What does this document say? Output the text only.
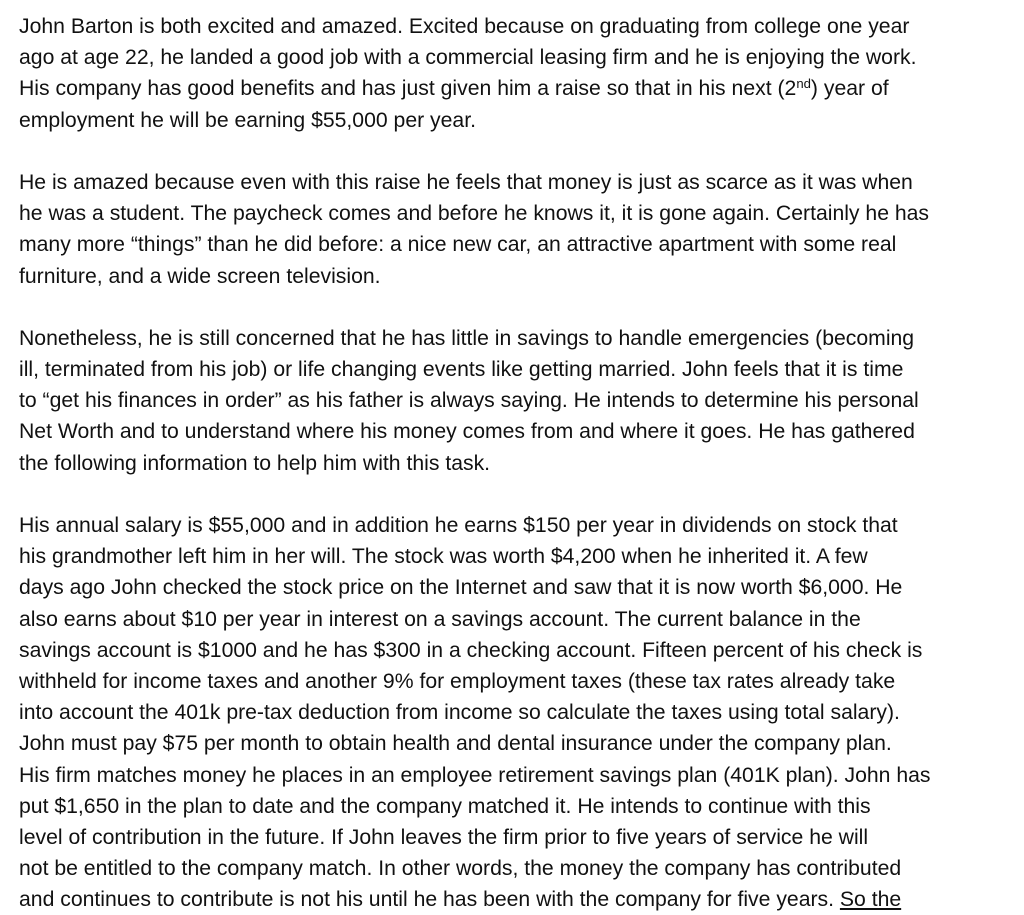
John Barton is both excited and amazed. Excited because on graduating from college one year
ago at age 22, he landed a good job with a commercial leasing firm and he is enjoying the work.
His company has good benefits and has just given him a raise so that in his next (2nd) year of
employment he will be earning $55,000 per year.
He is amazed because even with this raise he feels that money is just as scarce as it was when
he was a student. The paycheck comes and before he knows it, it is gone again. Certainly he has
many more “things” than he did before: a nice new car, an attractive apartment with some real
furniture, and a wide screen television.
Nonetheless, he is still concerned that he has little in savings to handle emergencies (becoming
ill, terminated from his job) or life changing events like getting married. John feels that it is time
to “get his finances in order” as his father is always saying. He intends to determine his personal
Net Worth and to understand where his money comes from and where it goes. He has gathered
the following information to help him with this task.
His annual salary is $55,000 and in addition he earns $150 per year in dividends on stock that
his grandmother left him in her will. The stock was worth $4,200 when he inherited it. A few
days ago John checked the stock price on the Internet and saw that it is now worth $6,000. He
also earns about $10 per year in interest on a savings account. The current balance in the
savings account is $1000 and he has $300 in a checking account. Fifteen percent of his check is
withheld for income taxes and another 9% for employment taxes (these tax rates already take
into account the 401k pre-tax deduction from income so calculate the taxes using total salary).
John must pay $75 per month to obtain health and dental insurance under the company plan.
His firm matches money he places in an employee retirement savings plan (401K plan). John has
put $1,650 in the plan to date and the company matched it. He intends to continue with this
level of contribution in the future. If John leaves the firm prior to five years of service he will
not be entitled to the company match. In other words, the money the company has contributed
and continues to contribute is not his until he has been with the company for five years. So the
